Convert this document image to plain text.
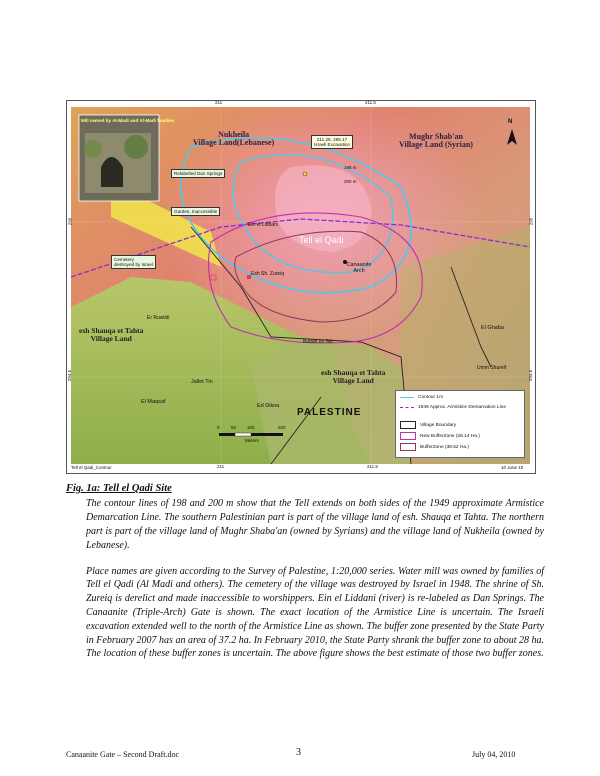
Mill owned by Al-Madi and Al-Madi families
Nukheila
Village Land(Lebanese)
Mughr Shab'an
Village Land (Syrian)
esh Shauqa et Tahta
Village Land
esh Shauqa et Tahta
Village Land
PALESTINE
Tell el Qadi
Canaanite Arch
'Ein el Liddani
Esh Sh. Zureiq
Er Ruwiidi
Buttan es Sitt
El Ghaba
Umm Shureif
Jallet Tin
El Maqsaf
Ed Dikna
211.25, 295.17
Israeli Excavation
Relabelled Dan Springs
Garden, Inaccessible
Cemetery
destroyed by Israel
198 m
200 m
N
0	50 100	200
Meters
Contour 1m
1949 Approx. Armistice Demarcation Line
Village Boundary
New BufferZone (28.14 Ha.)
BufferZone (38.52 Ha.)
211	211.5
211	211.5
295
294.5
295
294.5
Tell el Qadi_Contour	10 June 10
Fig. 1a: Tell el Qadi Site

The contour lines of 198 and 200 m show that the Tell extends on both sides of the 1949 approximate Armistice Demarcation Line. The southern Palestinian part is part of the village land of esh. Shauqa et Tahta. The northern part is part of the village land of Mughr Shaba'an (owned by Syrians) and the village land of Nukheila (owned by Lebanese).

Place names are given according to the Survey of Palestine, 1:20,000 series. Water mill was owned by families of Tell el Qadi (Al Madi and others). The cemetery of the village was destroyed by Israel in 1948. The shrine of Sh. Zureiq is derelict and made inaccessible to worshippers. Ein el Liddani (river) is re-labeled as Dan Springs. The Canaanite (Triple-Arch) Gate is shown. The exact location of the Armistice Line is uncertain. The Israeli excavation extended well to the north of the Armistice Line as shown. The buffer zone presented by the State Party in February 2007 has an area of 37.2 ha. In February 2010, the State Party shrank the buffer zone to about 28 ha. The location of these buffer zones is uncertain. The above figure shows the best estimate of those two buffer zones.

Canaanite Gate – Second Draft.doc	3	July 04, 2010
